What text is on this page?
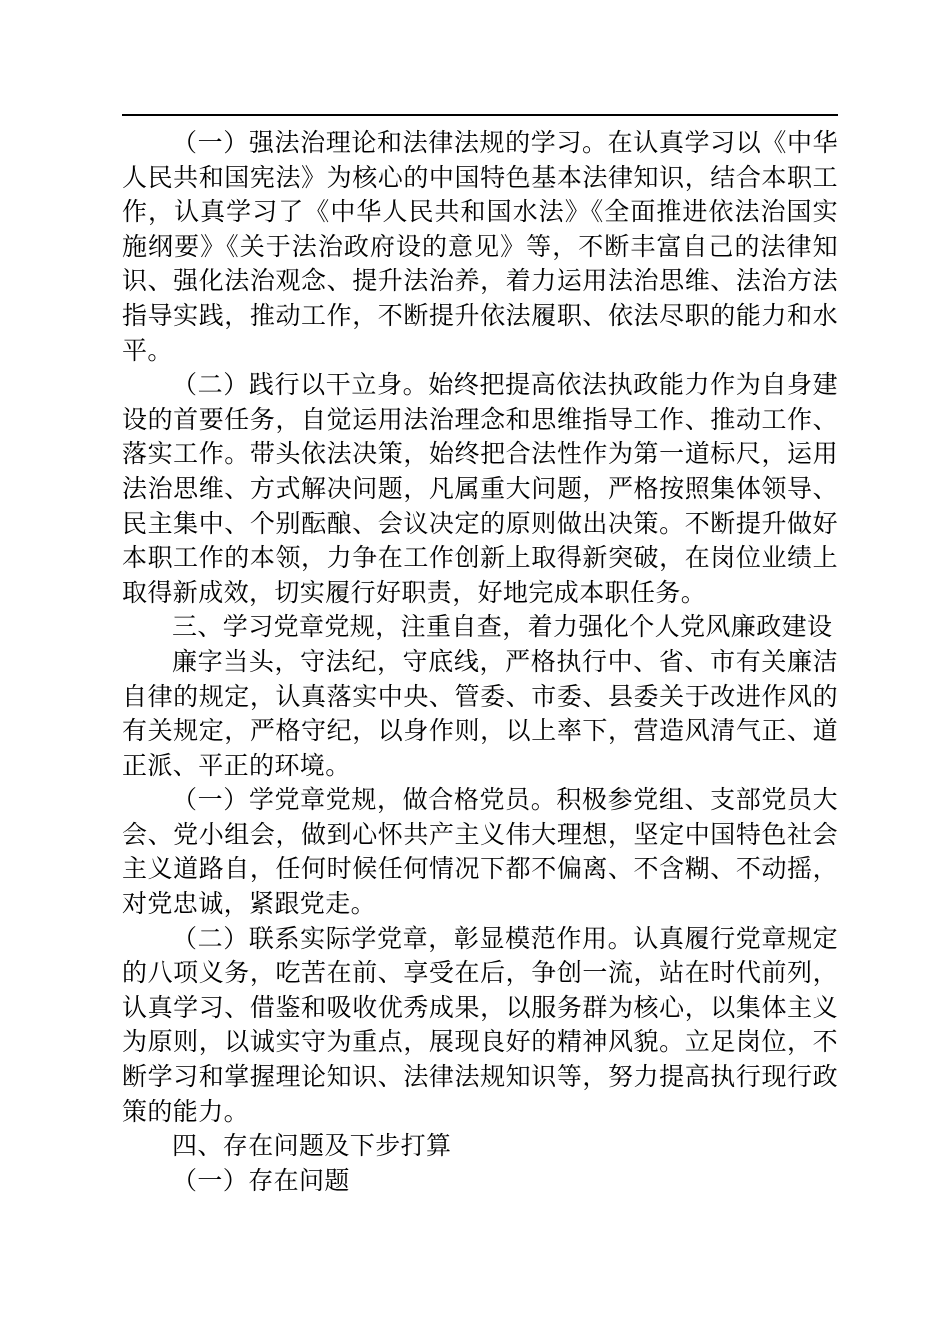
（一）强法治理论和法律法规的学习。在认真学习以《中华人民共和国宪法》为核心的中国特色基本法律知识，结合本职工作，认真学习了《中华人民共和国水法》《全面推进依法治国实施纲要》《关于法治政府设的意见》等，不断丰富自己的法律知识、强化法治观念、提升法治养，着力运用法治思维、法治方法指导实践，推动工作，不断提升依法履职、依法尽职的能力和水平。

（二）践行以干立身。始终把提高依法执政能力作为自身建设的首要任务，自觉运用法治理念和思维指导工作、推动工作、落实工作。带头依法决策，始终把合法性作为第一道标尺，运用法治思维、方式解决问题，凡属重大问题，严格按照集体领导、民主集中、个别酝酿、会议决定的原则做出决策。不断提升做好本职工作的本领，力争在工作创新上取得新突破，在岗位业绩上取得新成效，切实履行好职责，好地完成本职任务。

三、学习党章党规，注重自查，着力强化个人党风廉政建设

廉字当头，守法纪，守底线，严格执行中、省、市有关廉洁自律的规定，认真落实中央、管委、市委、县委关于改进作风的有关规定，严格守纪，以身作则，以上率下，营造风清气正、道正派、平正的环境。

（一）学党章党规，做合格党员。积极参党组、支部党员大会、党小组会，做到心怀共产主义伟大理想，坚定中国特色社会主义道路自，任何时候任何情况下都不偏离、不含糊、不动摇，对党忠诚，紧跟党走。

（二）联系实际学党章，彰显模范作用。认真履行党章规定的八项义务，吃苦在前、享受在后，争创一流，站在时代前列，认真学习、借鉴和吸收优秀成果，以服务群为核心，以集体主义为原则，以诚实守为重点，展现良好的精神风貌。立足岗位，不断学习和掌握理论知识、法律法规知识等，努力提高执行现行政策的能力。

四、存在问题及下步打算

（一）存在问题
